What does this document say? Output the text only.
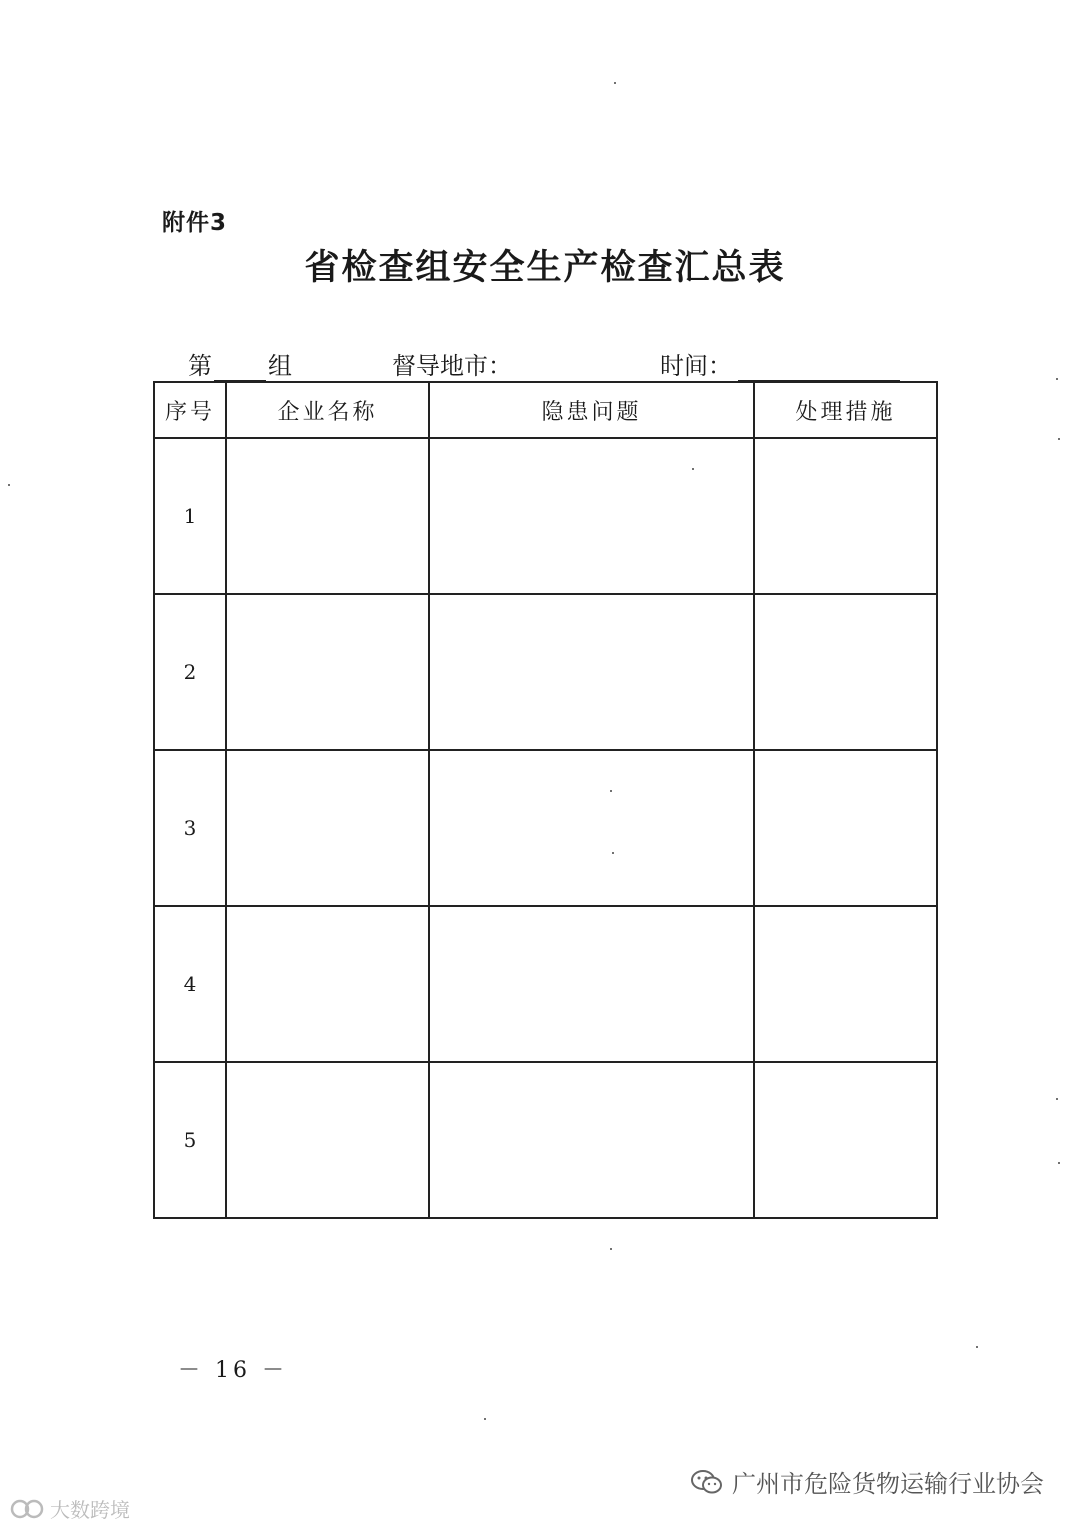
附件3
省检查组安全生产检查汇总表
第 组	督导地市：	时间：
序号	企业名称	隐患问题	处理措施
1			
2			
3			
4			
5			
－ 16 －
广州市危险货物运输行业协会
大数跨境
